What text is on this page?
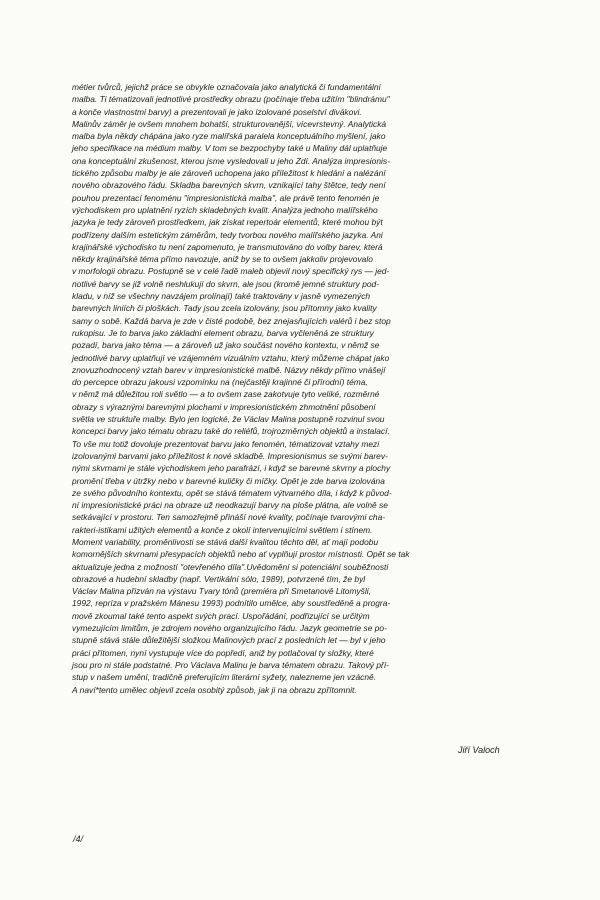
métier tvůrců, jejichž práce se obvykle označovala jako analytická či fundamentální
malba. Ti tématizovali jednotlivé prostředky obrazu (počínaje třeba užitím "blindrámu"
a konče vlastnostmi barvy) a prezentovali je jako izolované poselství divákovi.
Malinův záměr je ovšem mnohem bohatší, strukturovanější, vícevrstevný. Analytická
malba byla někdy chápána jako ryze malířská paralela konceptuálního myšlení, jako
jeho specifikace na médium malby. V tom se bezpochyby také u Maliny dál uplatňuje
ona konceptuální zkušenost, kterou jsme vysledovali u jeho Zdí. Analýza impresionis-
tického způsobu malby je ale zároveň uchopena jako příležitost k hledání a nalézání
nového obrazového řádu. Skladba barevných skvrn, vznikající tahy štětce, tedy není
pouhou prezentací fenoménu "impresionistická malba", ale právě tento fenomén je
východiskem pro uplatnění ryzích skladebných kvalit. Analýza jednoho malířského
jazyka je tedy zároveň prostředkem, jak získat repertoár elementů, které mohou být
podřízeny dalším estetickým záměrům, tedy tvorbou nového malířského jazyka. Ani
krajinářské východisko tu není zapomenuto, je transmutováno do volby barev, která
někdy krajinářské téma přímo navozuje, aniž by se to ovšem jakkoliv projevovalo
v morfologii obrazu. Postupně se v celé řadě maleb objevil nový specifický rys — jed-
notlivé barvy se již volně neshlukují do skvrn, ale jsou (kromě jemné struktury pod-
kladu, v níž se všechny navzájem prolínají) také traktovány v jasně vymezených
barevných liniích či ploškách. Tady jsou zcela izolovány, jsou přítomny jako kvality
samy o sobě. Každá barva je zde v čisté podobě, bez znejasňujících valérů i bez stop
rukopisu. Je to barva jako základní element obrazu, barva vyčleněná ze struktury
pozadí, barva jako téma — a zároveň už jako součást nového kontextu, v němž se
jednotlivé barvy uplatňují ve vzájemném vizuálním vztahu, který můžeme chápat jako
znovuzhodnocený vztah barev v impresionistické malbě. Názvy někdy přímo vnášejí
do percepce obrazu jakousi vzpomínku na (nejčastěji krajinné či přírodní) téma,
v němž má důležitou roli světlo — a to ovšem zase zakotvuje tyto veliké, rozměrné
obrazy s výraznými barevnými plochami v impresionistickém zhmotnění působení
světla ve struktuře malby. Bylo jen logické, že Václav Malina postupně rozvinul svou
koncepci barvy jako tématu obrazu také do reliéfů, trojrozměrných objektů a instalací.
To vše mu totiž dovoluje prezentovat barvu jako fenomén, tématizovat vztahy mezi
izolovanými barvami jako příležitost k nové skladbě. Impresionismus se svými barev-
nými skvrnami je stále východiskem jeho parafrází, i když se barevné skvrny a plochy
promění třeba v útržky nebo v barevné kuličky či míčky. Opět je zde barva izolována
ze svého původního kontextu, opět se stává tématem výtvarného díla, i když k původ-
ní impresionistické práci na obraze už neodkazují barvy na ploše plátna, ale volně se
setkávající v prostoru. Ten samozřejmě přináší nové kvality, počínaje tvarovými cha-
rakteri-istikami užitých elementů a konče z okolí intervenujícími světlem i stínem.
Moment variability, proměnlivosti se stává další kvalitou těchto děl, ať mají podobu
komornějších skvrnami přesypacích objektů nebo ať vyplňují prostor místnosti. Opět se tak
aktualizuje jedna z možností "otevřeného díla".Uvědomění si potenciální souběžnosti
obrazové a hudební skladby (např. Vertikální sólo, 1989), potvrzené tím, že byl
Václav Malina přizván na výstavu Tvary tónů (premiéra při Smetanově Litomyšli,
1992, repríza v pražském Mánesu 1993) podnítilo umělce, aby soustředěně a progra-
mově zkoumal také tento aspekt svých prací. Uspořádání, podřizující se určitým
vymezujícím limitům, je zdrojem nového organizujícího řádu. Jazyk geometrie se po-
stupně stává stále důležitější složkou Malinových prací z posledních let — byl v jeho
práci přítomen, nyní vystupuje více do popředí, aniž by potlačoval ty složky, které
jsou pro ni stále podstatné. Pro Václava Malinu je barva tématem obrazu. Takový pří-
stup v našem umění, tradičně preferujícím literární syžety, nalezneme jen vzácně.
A naví*tento umělec objevil zcela osobitý způsob, jak ji na obrazu zpřítomnit.
Jiří Valoch
/4/
